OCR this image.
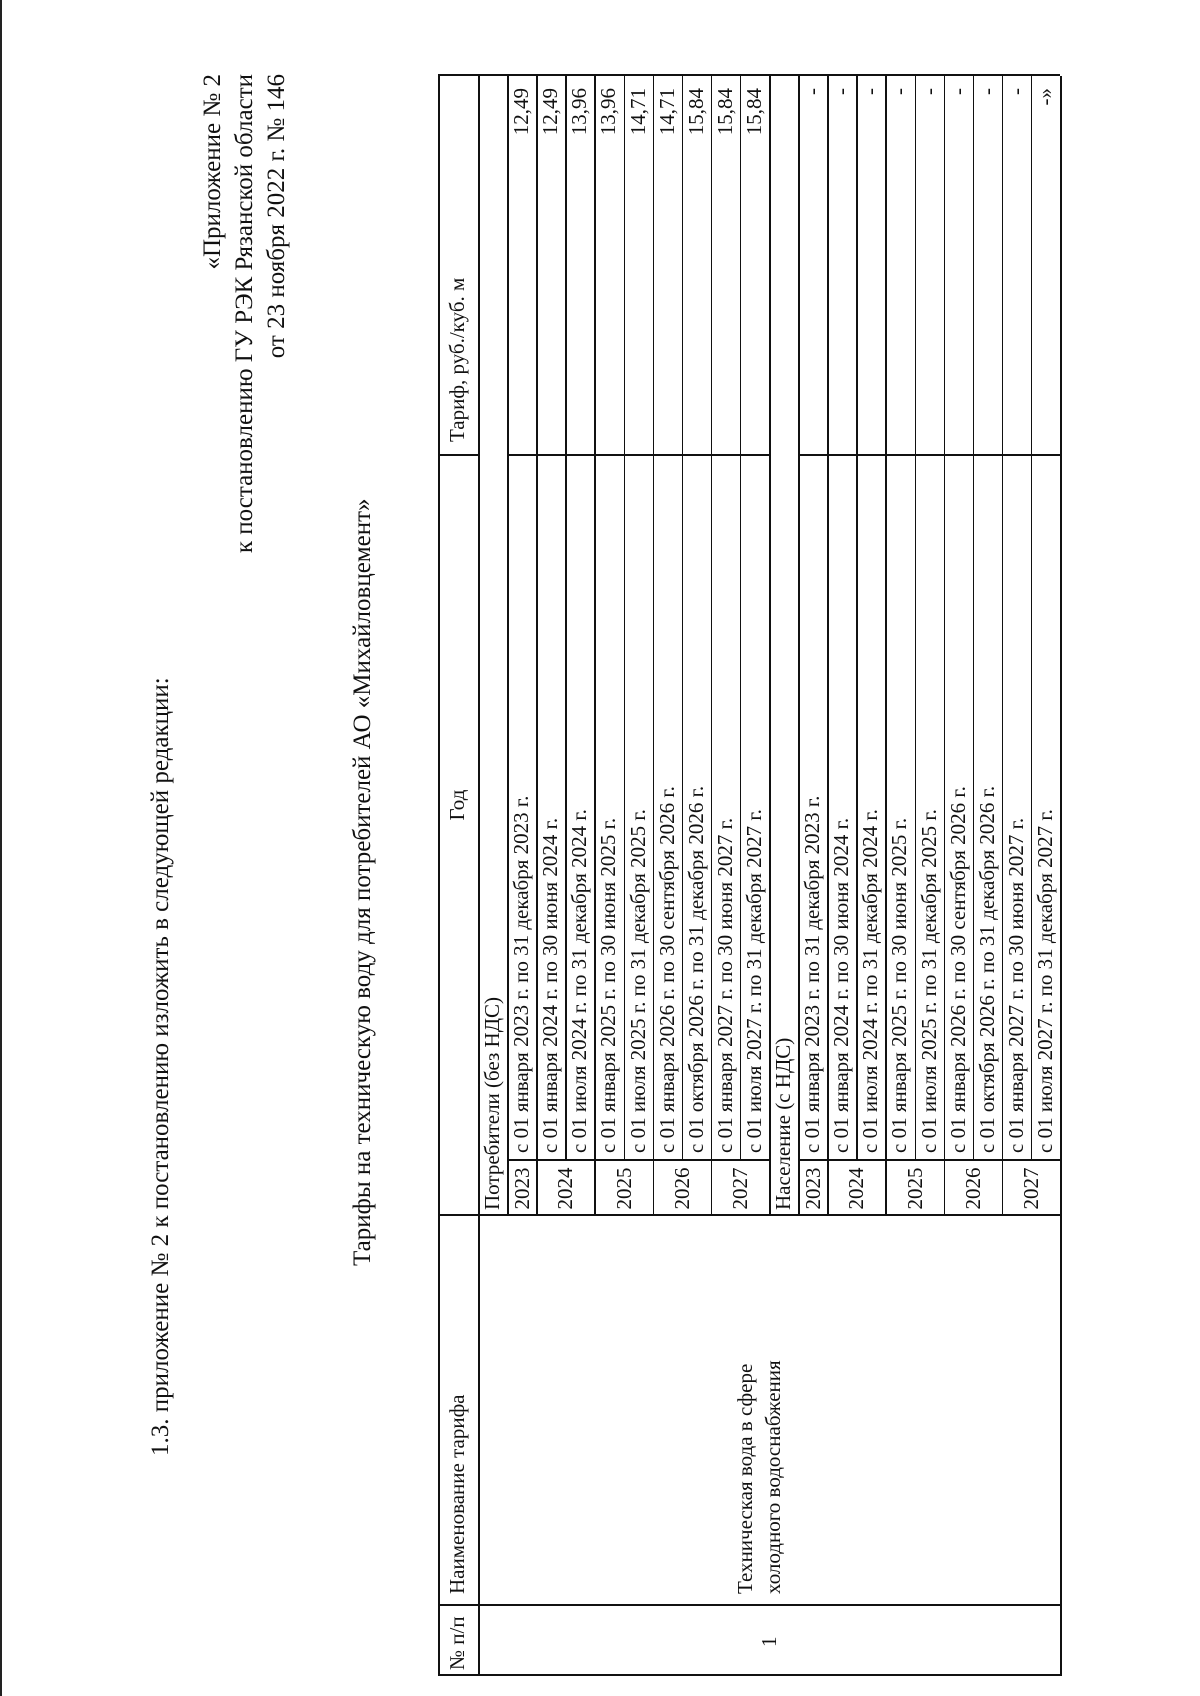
1.3. приложение № 2 к постановлению изложить в следующей редакции:
«Приложение № 2 к постановлению ГУ РЭК Рязанской области от 23 ноября 2022 г. № 146
Тарифы на техническую воду для потребителей АО «Михайловцемент»
№ п/п
Наименование тарифа
Год
Тариф, руб./куб. м
1
Техническая вода в сфере холодного водоснабжения
Потребители (без НДС) 2023
с 01 января 2023 г. по 31 декабря 2023 г.
12,49
2024
с 01 января 2024 г. по 30 июня 2024 г.
12,49
с 01 июля 2024 г. по 31 декабря 2024 г.
13,96
2025
с 01 января 2025 г. по 30 июня 2025 г.
13,96
с 01 июля 2025 г. по 31 декабря 2025 г.
14,71
2026
с 01 января 2026 г. по 30 сентября 2026 г.
14,71
с 01 октября 2026 г. по 31 декабря 2026 г.
15,84
2027
с 01 января 2027 г. по 30 июня 2027 г.
15,84
с 01 июля 2027 г. по 31 декабря 2027 г.
15,84
Население (с НДС) 2023
с 01 января 2023 г. по 31 декабря 2023 г.
-
2024
с 01 января 2024 г. по 30 июня 2024 г.
-
с 01 июля 2024 г. по 31 декабря 2024 г.
-
2025
с 01 января 2025 г. по 30 июня 2025 г.
-
с 01 июля 2025 г. по 31 декабря 2025 г.
-
2026
с 01 января 2026 г. по 30 сентября 2026 г.
-
с 01 октября 2026 г. по 31 декабря 2026 г.
-
2027
с 01 января 2027 г. по 30 июня 2027 г.
-
с 01 июля 2027 г. по 31 декабря 2027 г.
-»
